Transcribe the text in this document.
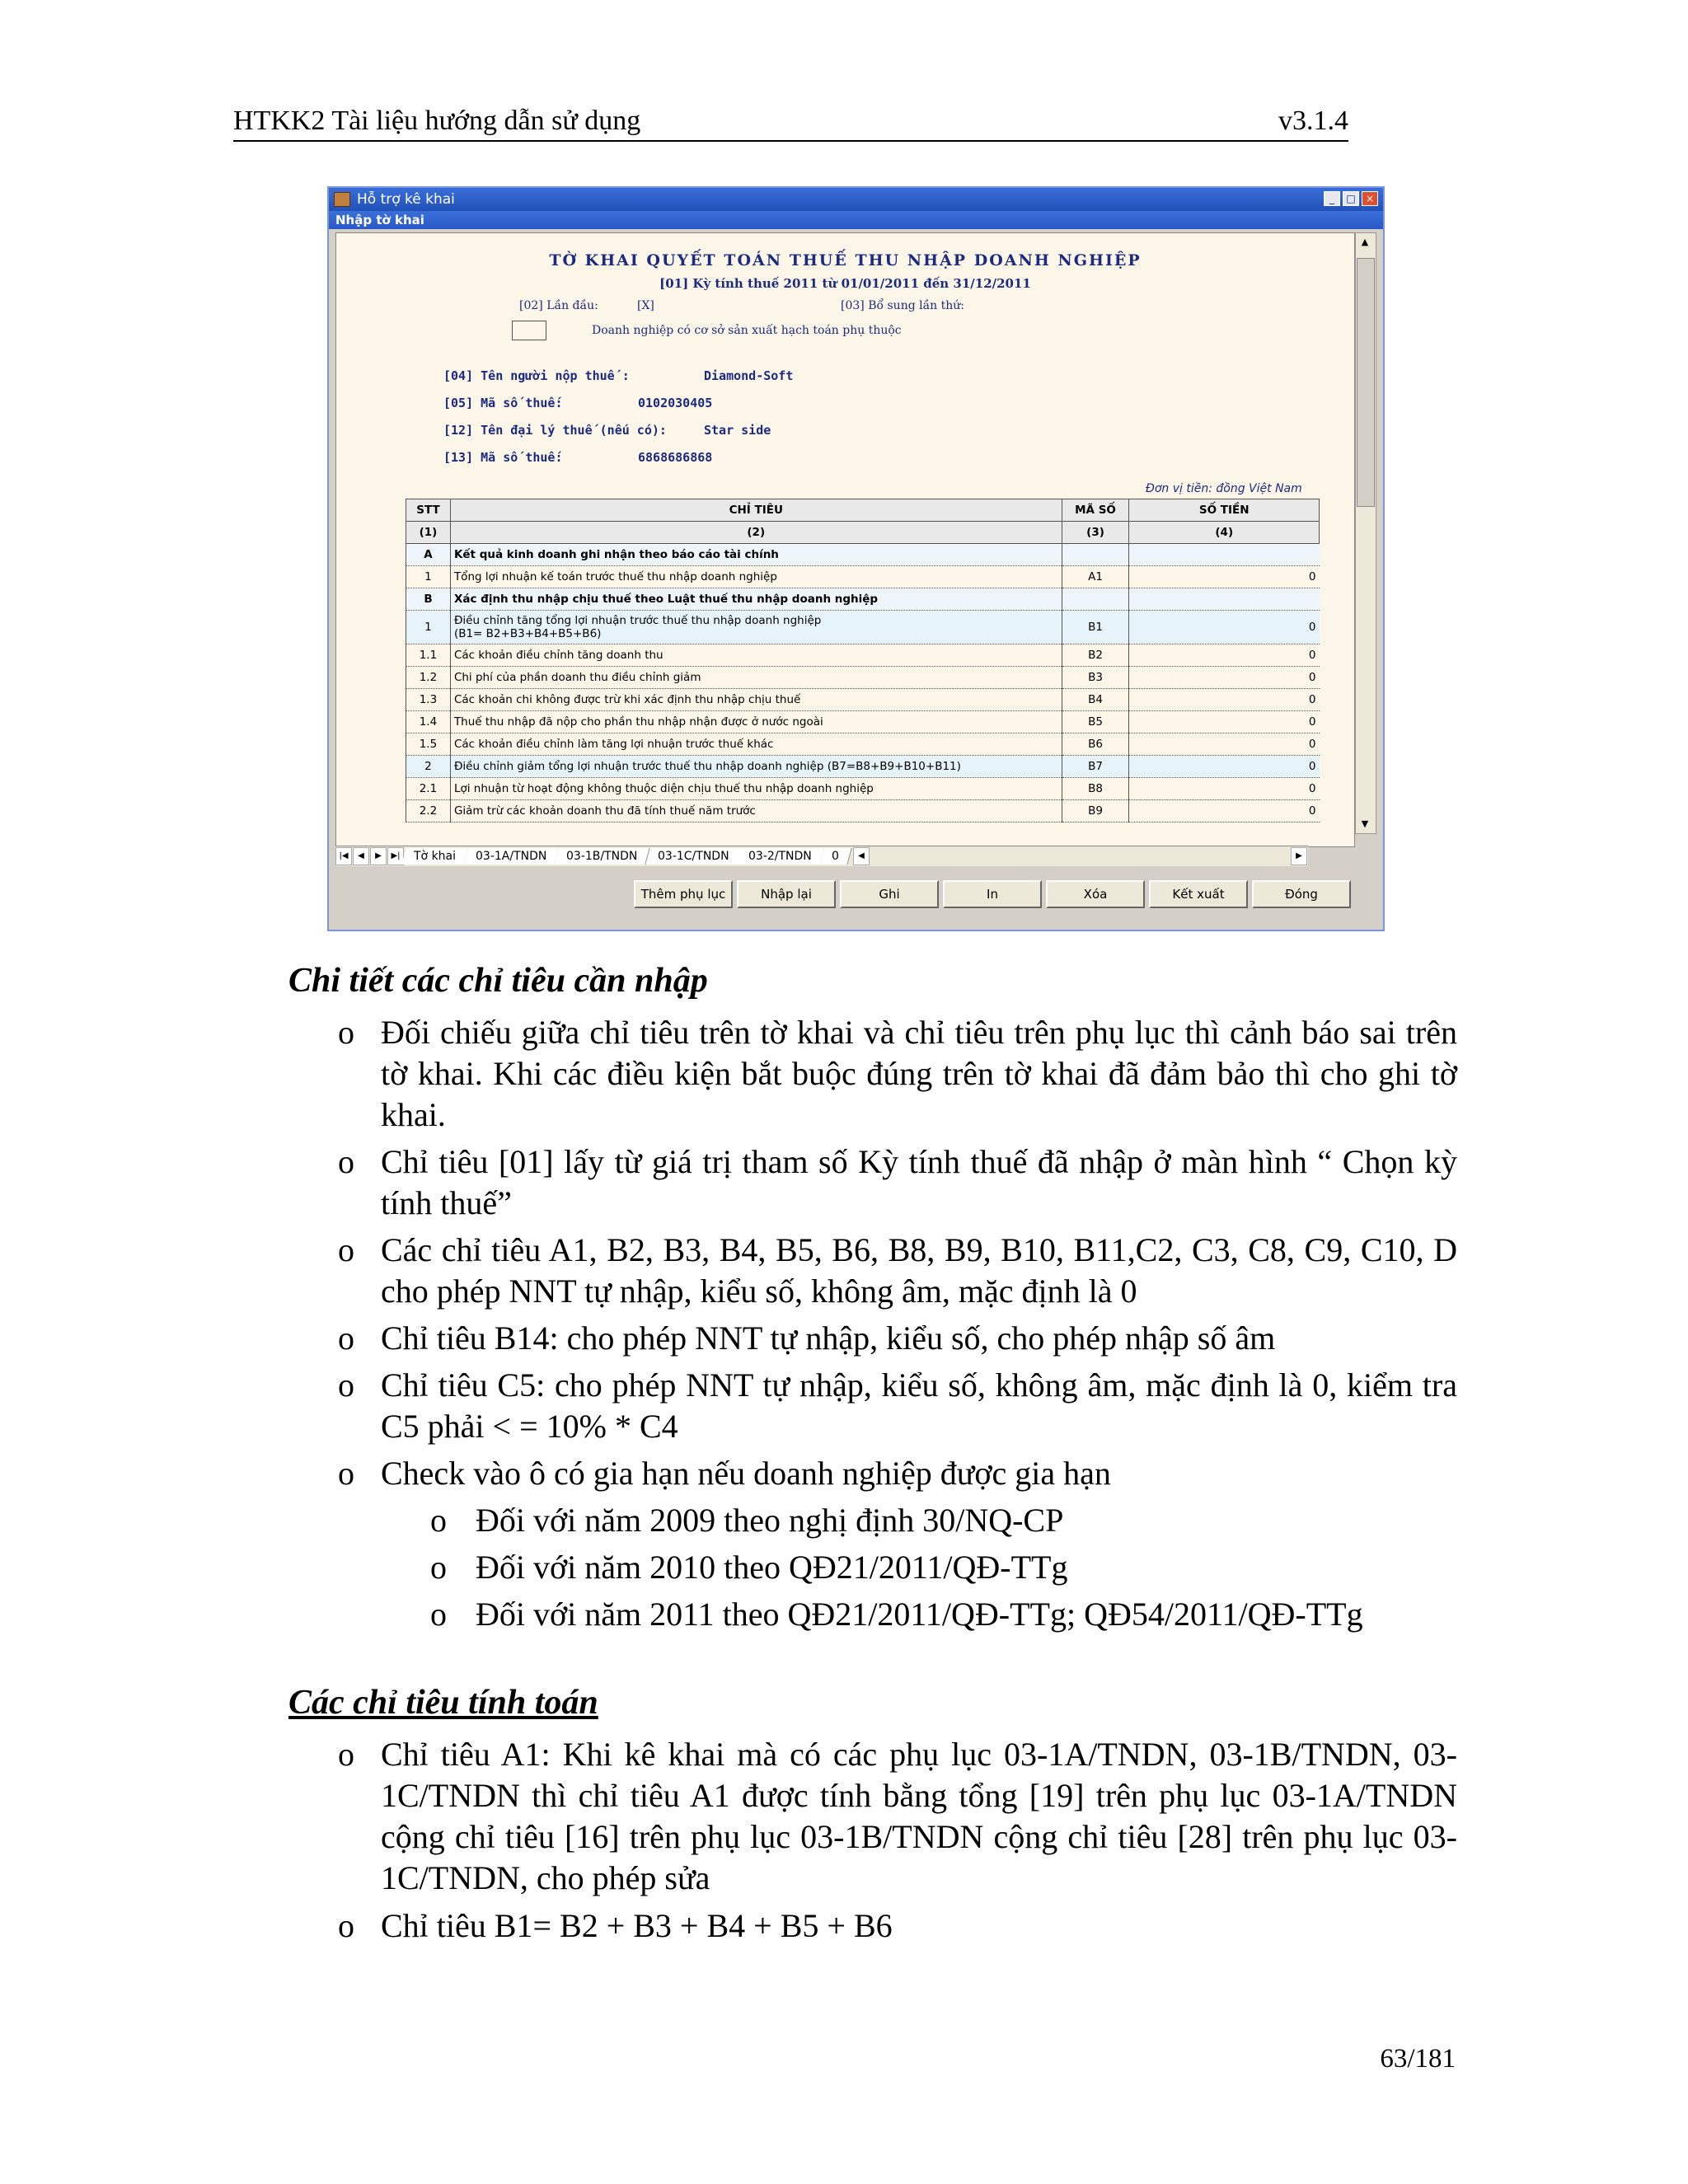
HTKK2 Tài liệu hướng dẫn sử dụng	v3.1.4
Hỗ trợ kê khai	_	□	×
Nhập tờ khai
TỜ KHAI QUYẾT TOÁN THUẾ THU NHẬP DOANH NGHIỆP
[01] Kỳ tính thuế 2011 từ 01/01/2011 đến 31/12/2011
[02] Lần đầu:	[X]	[03] Bổ sung lần thứ:
Doanh nghiệp có cơ sở sản xuất hạch toán phụ thuộc
[04] Tên người nộp thuế :	Diamond-Soft
[05] Mã số thuế:	0102030405
[12] Tên đại lý thuế (nếu có):	Star side
[13] Mã số thuế:	6868686868
Đơn vị tiền: đồng Việt Nam
STT	CHỈ TIÊU	MÃ SỐ	SỐ TIỀN
(1)	(2)	(3)	(4)
A	Kết quả kinh doanh ghi nhận theo báo cáo tài chính		
1	Tổng lợi nhuận kế toán trước thuế thu nhập doanh nghiệp	A1	0
B	Xác định thu nhập chịu thuế theo Luật thuế thu nhập doanh nghiệp		
1	Điều chỉnh tăng tổng lợi nhuận trước thuế thu nhập doanh nghiệp
(B1= B2+B3+B4+B5+B6)	B1	0
1.1	Các khoản điều chỉnh tăng doanh thu	B2	0
1.2	Chi phí của phần doanh thu điều chỉnh giảm	B3	0
1.3	Các khoản chi không được trừ khi xác định thu nhập chịu thuế	B4	0
1.4	Thuế thu nhập đã nộp cho phần thu nhập nhận được ở nước ngoài	B5	0
1.5	Các khoản điều chỉnh làm tăng lợi nhuận trước thuế khác	B6	0
2	Điều chỉnh giảm tổng lợi nhuận trước thuế thu nhập doanh nghiệp (B7=B8+B9+B10+B11)	B7	0
2.1	Lợi nhuận từ hoạt động không thuộc diện chịu thuế thu nhập doanh nghiệp	B8	0
2.2	Giảm trừ các khoản doanh thu đã tính thuế năm trước	B9	0
▲
▼
|◀	◀	▶	▶|	Tờ khai	03-1A/TNDN	03-1B/TNDN	03-1C/TNDN	03-2/TNDN	0	◀	▶
Thêm phụ lục	Nhập lại	Ghi	In	Xóa	Kết xuất	Đóng
Chi tiết các chỉ tiêu cần nhập
o Đối chiếu giữa chỉ tiêu trên tờ khai và chỉ tiêu trên phụ lục thì cảnh báo sai trên tờ khai. Khi các điều kiện bắt buộc đúng trên tờ khai đã đảm bảo thì cho ghi tờ khai.
o Chỉ tiêu [01] lấy từ giá trị tham số Kỳ tính thuế đã nhập ở màn hình “ Chọn kỳ tính thuế”
o Các chỉ tiêu A1, B2, B3, B4, B5, B6, B8, B9, B10, B11,C2, C3, C8, C9, C10, D cho phép NNT tự nhập, kiểu số, không âm, mặc định là 0
o Chỉ tiêu B14: cho phép NNT tự nhập, kiểu số, cho phép nhập số âm
o Chỉ tiêu C5: cho phép NNT tự nhập, kiểu số, không âm, mặc định là 0, kiểm tra C5 phải < = 10% * C4
o Check vào ô có gia hạn nếu doanh nghiệp được gia hạn
o Đối với năm 2009 theo nghị định 30/NQ-CP
o Đối với năm 2010 theo QĐ21/2011/QĐ-TTg
o Đối với năm 2011 theo QĐ21/2011/QĐ-TTg; QĐ54/2011/QĐ-TTg
Các chỉ tiêu tính toán
o Chỉ tiêu A1: Khi kê khai mà có các phụ lục 03-1A/TNDN, 03-1B/TNDN, 03-1C/TNDN thì chỉ tiêu A1 được tính bằng tổng [19] trên phụ lục 03-1A/TNDN cộng chỉ tiêu [16] trên phụ lục 03-1B/TNDN cộng chỉ tiêu [28] trên phụ lục 03-1C/TNDN, cho phép sửa
o Chỉ tiêu B1= B2 + B3 + B4 + B5 + B6
63/181
